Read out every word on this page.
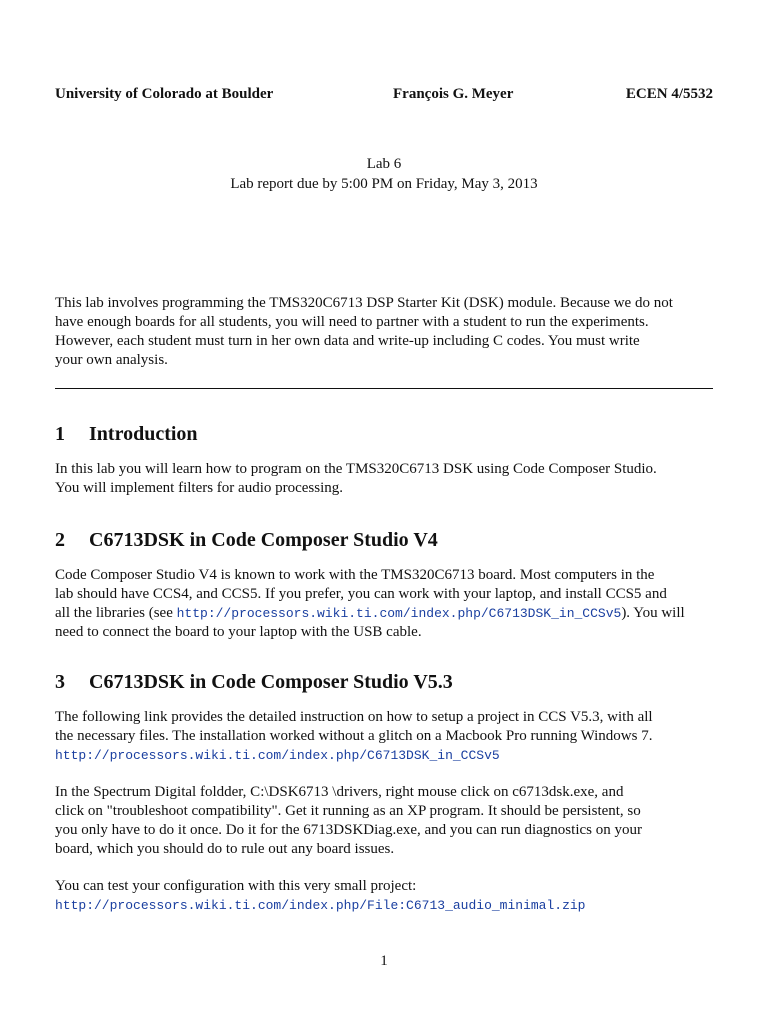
University of Colorado at Boulder	François G. Meyer	ECEN 4/5532
Lab 6
Lab report due by 5:00 PM on Friday, May 3, 2013
This lab involves programming the TMS320C6713 DSP Starter Kit (DSK) module. Because we do not
have enough boards for all students, you will need to partner with a student to run the experiments.
However, each student must turn in her own data and write-up including C codes. You must write
your own analysis.
1 Introduction
In this lab you will learn how to program on the TMS320C6713 DSK using Code Composer Studio.
You will implement filters for audio processing.
2 C6713DSK in Code Composer Studio V4
Code Composer Studio V4 is known to work with the TMS320C6713 board. Most computers in the
lab should have CCS4, and CCS5. If you prefer, you can work with your laptop, and install CCS5 and
all the libraries (see http://processors.wiki.ti.com/index.php/C6713DSK_in_CCSv5). You will
need to connect the board to your laptop with the USB cable.
3 C6713DSK in Code Composer Studio V5.3
The following link provides the detailed instruction on how to setup a project in CCS V5.3, with all
the necessary files. The installation worked without a glitch on a Macbook Pro running Windows 7.
http://processors.wiki.ti.com/index.php/C6713DSK_in_CCSv5
In the Spectrum Digital foldder, C:\DSK6713 \drivers, right mouse click on c6713dsk.exe, and
click on "troubleshoot compatibility". Get it running as an XP program. It should be persistent, so
you only have to do it once. Do it for the 6713DSKDiag.exe, and you can run diagnostics on your
board, which you should do to rule out any board issues.
You can test your configuration with this very small project:
http://processors.wiki.ti.com/index.php/File:C6713_audio_minimal.zip
1
